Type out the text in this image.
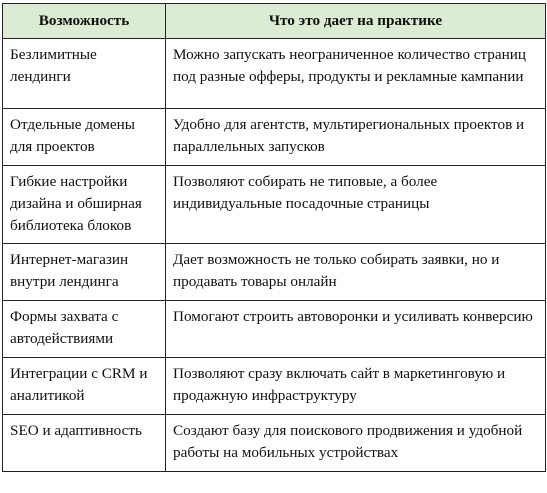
Возможность	Что это дает на практике
Безлимитные лендинги	Можно запускать неограниченное количество страниц под разные офферы, продукты и рекламные кампании
Отдельные домены для проектов	Удобно для агентств, мультирегиональных проектов и параллельных запусков
Гибкие настройки дизайна и обширная библиотека блоков	Позволяют собирать не типовые, а более индивидуальные посадочные страницы
Интернет-магазин внутри лендинга	Дает возможность не только собирать заявки, но и продавать товары онлайн
Формы захвата с автодействиями	Помогают строить автоворонки и усиливать конверсию
Интеграции с CRM и аналитикой	Позволяют сразу включать сайт в маркетинговую и продажную инфраструктуру
SEO и адаптивность	Создают базу для поискового продвижения и удобной работы на мобильных устройствах
